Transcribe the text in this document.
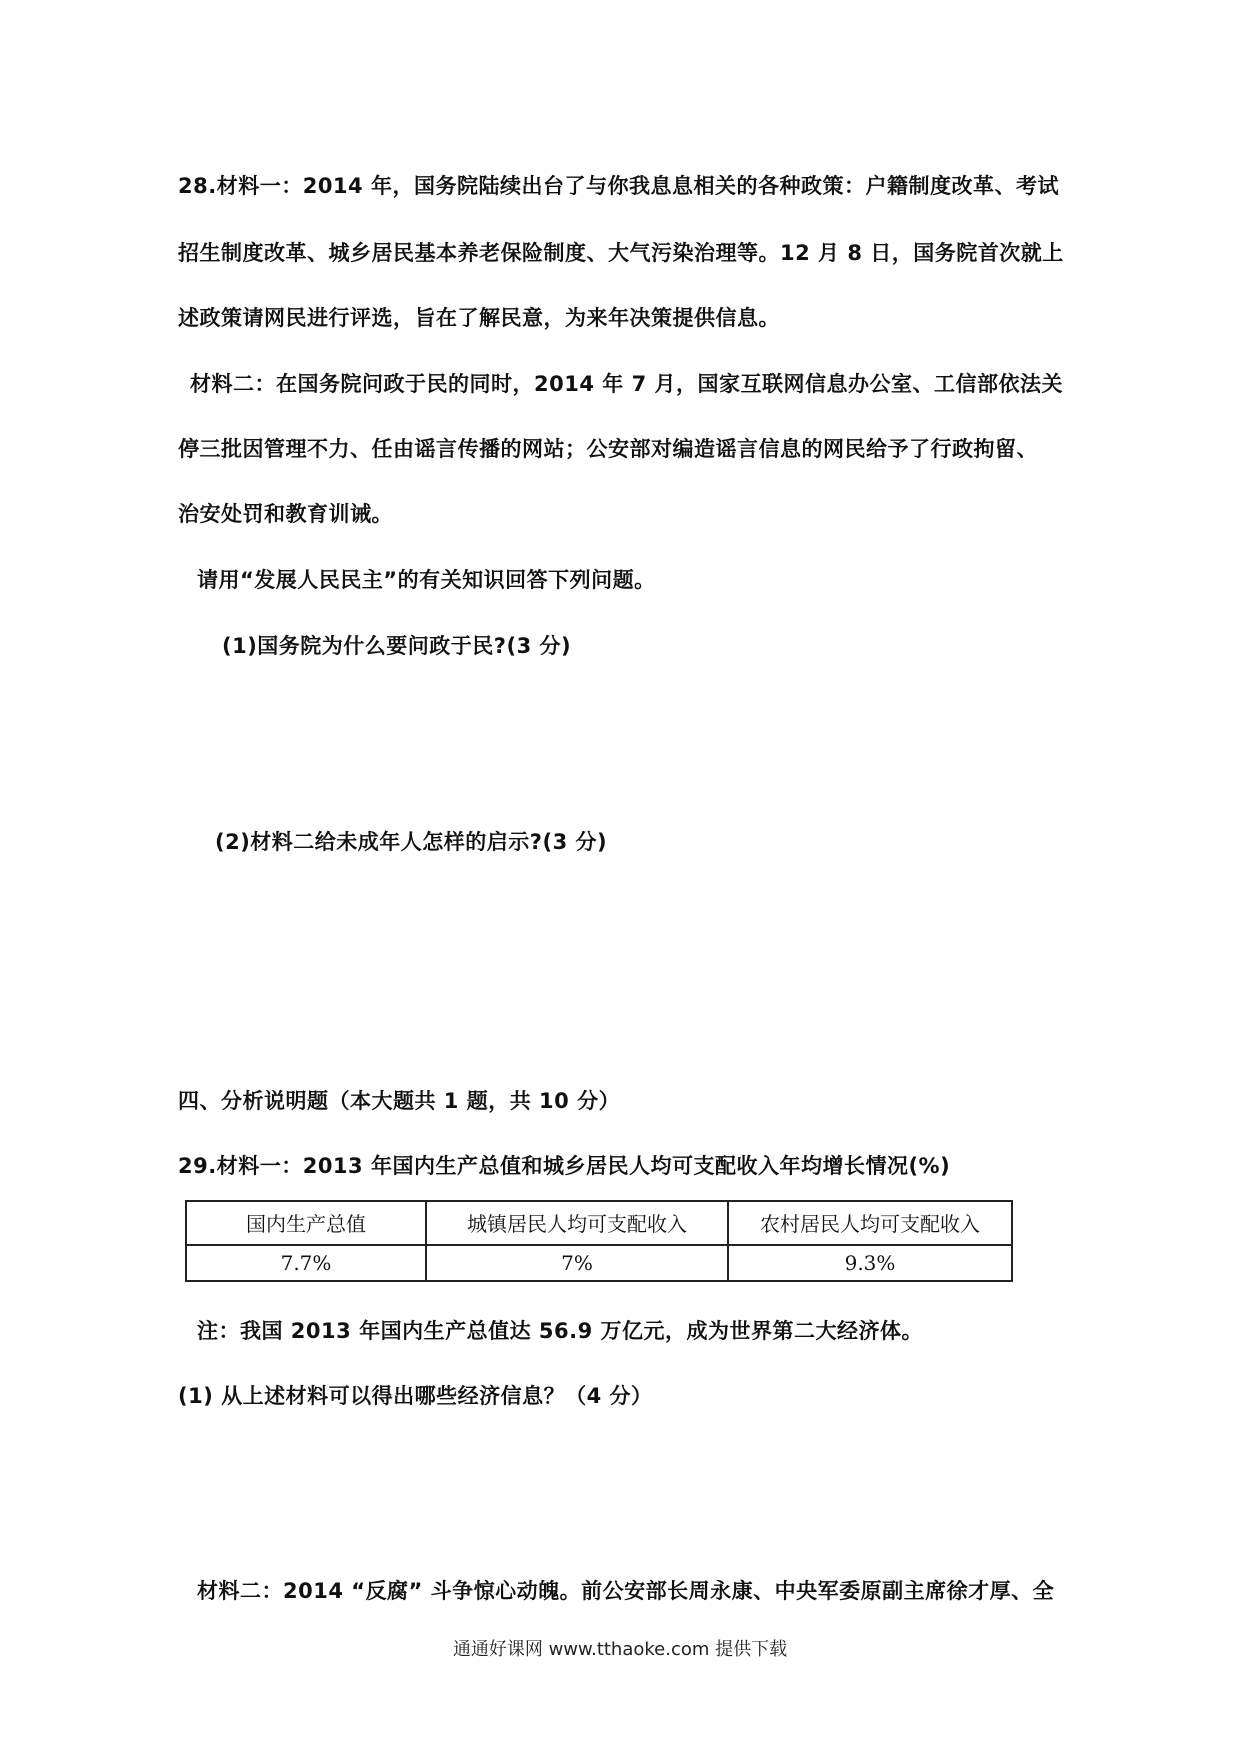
28.材料一：2014 年，国务院陆续出台了与你我息息相关的各种政策：户籍制度改革、考试
招生制度改革、城乡居民基本养老保险制度、大气污染治理等。12 月 8 日，国务院首次就上
述政策请网民进行评选，旨在了解民意，为来年决策提供信息。
材料二：在国务院问政于民的同时，2014 年 7 月，国家互联网信息办公室、工信部依法关
停三批因管理不力、任由谣言传播的网站；公安部对编造谣言信息的网民给予了行政拘留、
治安处罚和教育训诫。
请用“发展人民民主”的有关知识回答下列问题。
(1)国务院为什么要问政于民?(3 分)
(2)材料二给未成年人怎样的启示?(3 分)
四、分析说明题（本大题共 1 题，共 10 分）
29.材料一：2013 年国内生产总值和城乡居民人均可支配收入年均增长情况(%)
国内生产总值	城镇居民人均可支配收入	农村居民人均可支配收入
7.7%	7%	9.3%
注：我国 2013 年国内生产总值达 56.9 万亿元，成为世界第二大经济体。
(1) 从上述材料可以得出哪些经济信息？（4 分）
材料二：2014 “反腐” 斗争惊心动魄。前公安部长周永康、中央军委原副主席徐才厚、全
通通好课网 www.tthaoke.com 提供下载
